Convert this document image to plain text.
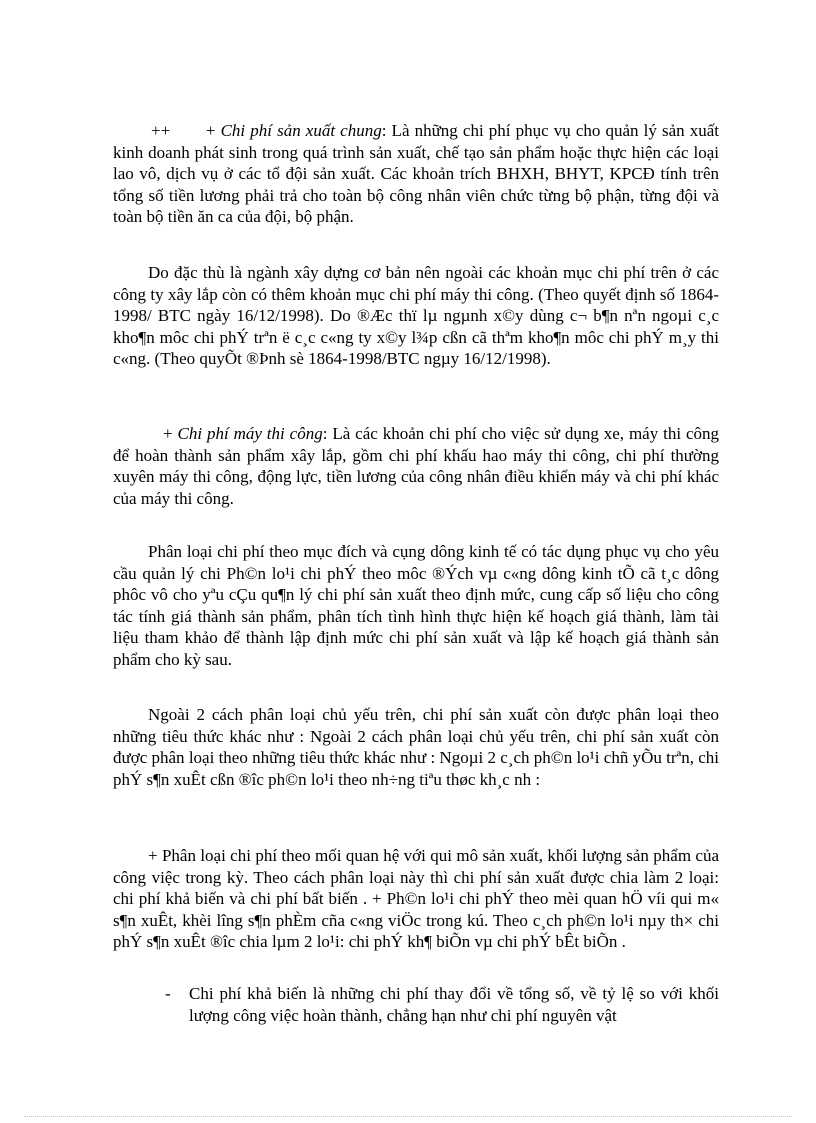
++       + Chi phí sản xuất chung: Là những chi phí phục vụ cho quản lý sản xuất kinh doanh phát sinh trong quá trình sản xuất, chế tạo sản phẩm hoặc thực hiện các loại lao vô, dịch vụ ở các tổ đội sản xuất. Các khoản trích BHXH, BHYT, KPCĐ tính trên tổng số tiền lương phải trả cho toàn bộ công nhân viên chức từng bộ phận, từng đội và toàn bộ tiền ăn ca của đội, bộ phận.

Do đặc thù là ngành xây dựng cơ bản nên ngoài các khoản mục chi phí trên ở các công ty xây lắp còn có thêm khoản mục chi phí máy thi công. (Theo quyết định số 1864-1998/ BTC ngày 16/12/1998). Do ®Æc thï lµ ngµnh x©y dùng c¬ b¶n nªn ngoµi c¸c kho¶n môc chi phÝ trªn ë c¸c c«ng ty x©y l¾p cßn cã thªm kho¶n môc chi phÝ m¸y thi c«ng. (Theo quyÕt ®Þnh sè 1864-1998/BTC ngµy 16/12/1998).

+ Chi phí máy thi công: Là các khoản chi phí cho việc sử dụng xe, máy thi công để hoàn thành sản phẩm xây lắp, gồm chi phí khấu hao máy thi công, chi phí thường xuyên máy thi công, động lực, tiền lương của công nhân điều khiển máy và chi phí khác của máy thi công.

Phân loại chi phí theo mục đích và cụng dông kinh tế có tác dụng phục vụ cho yêu cầu quản lý chi Ph©n lo¹i chi phÝ theo môc ®Ých vµ c«ng dông kinh tÕ cã t¸c dông phôc vô cho yªu cÇu qu¶n lý chi phí sản xuất theo định mức, cung cấp số liệu cho công tác tính giá thành sản phẩm, phân tích tình hình thực hiện kế hoạch giá thành, làm tài liệu tham khảo để thành lập định mức chi phí sản xuất và lập kế hoạch giá thành sản phẩm cho kỳ sau.

Ngoài 2 cách phân loại chủ yếu trên, chi phí sản xuất còn được phân loại theo những tiêu thức khác như : Ngoài 2 cách phân loại chủ yếu trên, chi phí sản xuất còn được phân loại theo những tiêu thức khác như : Ngoµi 2 c¸ch ph©n lo¹i chñ yÕu trªn, chi phÝ s¶n xuÊt cßn ®îc ph©n lo¹i theo nh÷ng tiªu thøc kh¸c nh :

+ Phân loại chi phí theo mối quan hệ với qui mô sản xuất, khối lượng sản phẩm của công việc trong kỳ. Theo cách phân loại này thì chi phí sản xuất được chia làm 2 loại: chi phí khả biến và chi phí bất biến . + Ph©n lo¹i chi phÝ theo mèi quan hÖ víi qui m« s¶n xuÊt, khèi lîng s¶n phÈm cña c«ng viÖc trong kú. Theo c¸ch ph©n lo¹i nµy th× chi phÝ s¶n xuÊt ®îc chia lµm 2 lo¹i: chi phÝ kh¶ biÕn vµ chi phÝ bÊt biÕn .

- Chi phí khả biến là những chi phí thay đổi về tổng số, về tỷ lệ so với khối lượng công việc hoàn thành, chẳng hạn như chi phí nguyên vật
